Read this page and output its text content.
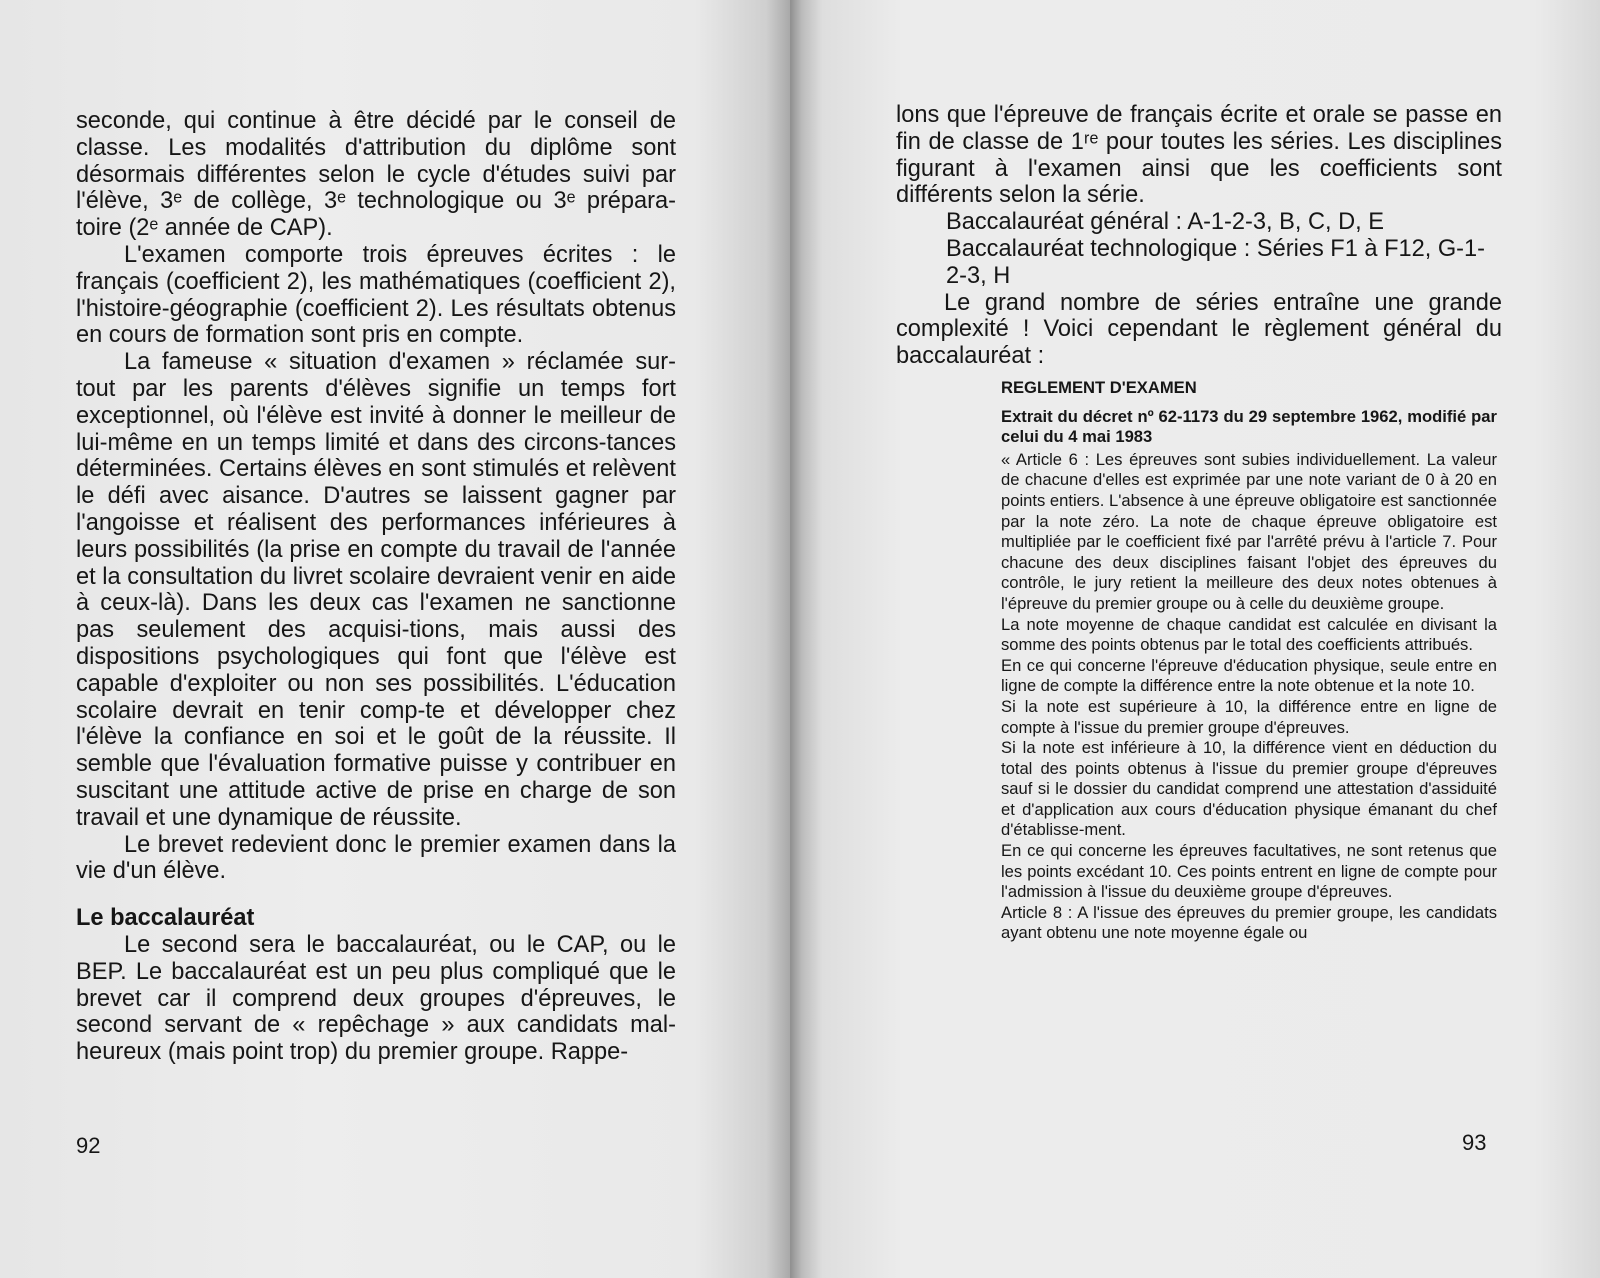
seconde, qui continue à être décidé par le conseil de classe. Les modalités d'attribution du diplôme sont désormais différentes selon le cycle d'études suivi par l'élève, 3ᵉ de collège, 3ᵉ technologique ou 3ᵉ prépara-toire (2ᵉ année de CAP).

L'examen comporte trois épreuves écrites : le français (coefficient 2), les mathématiques (coefficient 2), l'histoire-géographie (coefficient 2). Les résultats obtenus en cours de formation sont pris en compte.

La fameuse « situation d'examen » réclamée sur-tout par les parents d'élèves signifie un temps fort exceptionnel, où l'élève est invité à donner le meilleur de lui-même en un temps limité et dans des circons-tances déterminées. Certains élèves en sont stimulés et relèvent le défi avec aisance. D'autres se laissent gagner par l'angoisse et réalisent des performances inférieures à leurs possibilités (la prise en compte du travail de l'année et la consultation du livret scolaire devraient venir en aide à ceux-là). Dans les deux cas l'examen ne sanctionne pas seulement des acquisi-tions, mais aussi des dispositions psychologiques qui font que l'élève est capable d'exploiter ou non ses possibilités. L'éducation scolaire devrait en tenir comp-te et développer chez l'élève la confiance en soi et le goût de la réussite. Il semble que l'évaluation formative puisse y contribuer en suscitant une attitude active de prise en charge de son travail et une dynamique de réussite.

Le brevet redevient donc le premier examen dans la vie d'un élève.

Le baccalauréat

Le second sera le baccalauréat, ou le CAP, ou le BEP. Le baccalauréat est un peu plus compliqué que le brevet car il comprend deux groupes d'épreuves, le second servant de « repêchage » aux candidats mal-heureux (mais point trop) du premier groupe. Rappe-

92

lons que l'épreuve de français écrite et orale se passe en fin de classe de 1ʳᵉ pour toutes les séries. Les disciplines figurant à l'examen ainsi que les coefficients sont différents selon la série.

Baccalauréat général : A-1-2-3, B, C, D, E

Baccalauréat technologique : Séries F1 à F12, G-1-2-3, H

Le grand nombre de séries entraîne une grande complexité ! Voici cependant le règlement général du baccalauréat :

REGLEMENT D'EXAMEN

Extrait du décret nº 62-1173 du 29 septembre 1962, modifié par celui du 4 mai 1983

« Article 6 : Les épreuves sont subies individuellement. La valeur de chacune d'elles est exprimée par une note variant de 0 à 20 en points entiers. L'absence à une épreuve obligatoire est sanctionnée par la note zéro. La note de chaque épreuve obligatoire est multipliée par le coefficient fixé par l'arrêté prévu à l'article 7. Pour chacune des deux disciplines faisant l'objet des épreuves du contrôle, le jury retient la meilleure des deux notes obtenues à l'épreuve du premier groupe ou à celle du deuxième groupe.

La note moyenne de chaque candidat est calculée en divisant la somme des points obtenus par le total des coefficients attribués.

En ce qui concerne l'épreuve d'éducation physique, seule entre en ligne de compte la différence entre la note obtenue et la note 10.

Si la note est supérieure à 10, la différence entre en ligne de compte à l'issue du premier groupe d'épreuves.

Si la note est inférieure à 10, la différence vient en déduction du total des points obtenus à l'issue du premier groupe d'épreuves sauf si le dossier du candidat comprend une attestation d'assiduité et d'application aux cours d'éducation physique émanant du chef d'établisse-ment.

En ce qui concerne les épreuves facultatives, ne sont retenus que les points excédant 10. Ces points entrent en ligne de compte pour l'admission à l'issue du deuxième groupe d'épreuves.

Article 8 : A l'issue des épreuves du premier groupe, les candidats ayant obtenu une note moyenne égale ou

93
